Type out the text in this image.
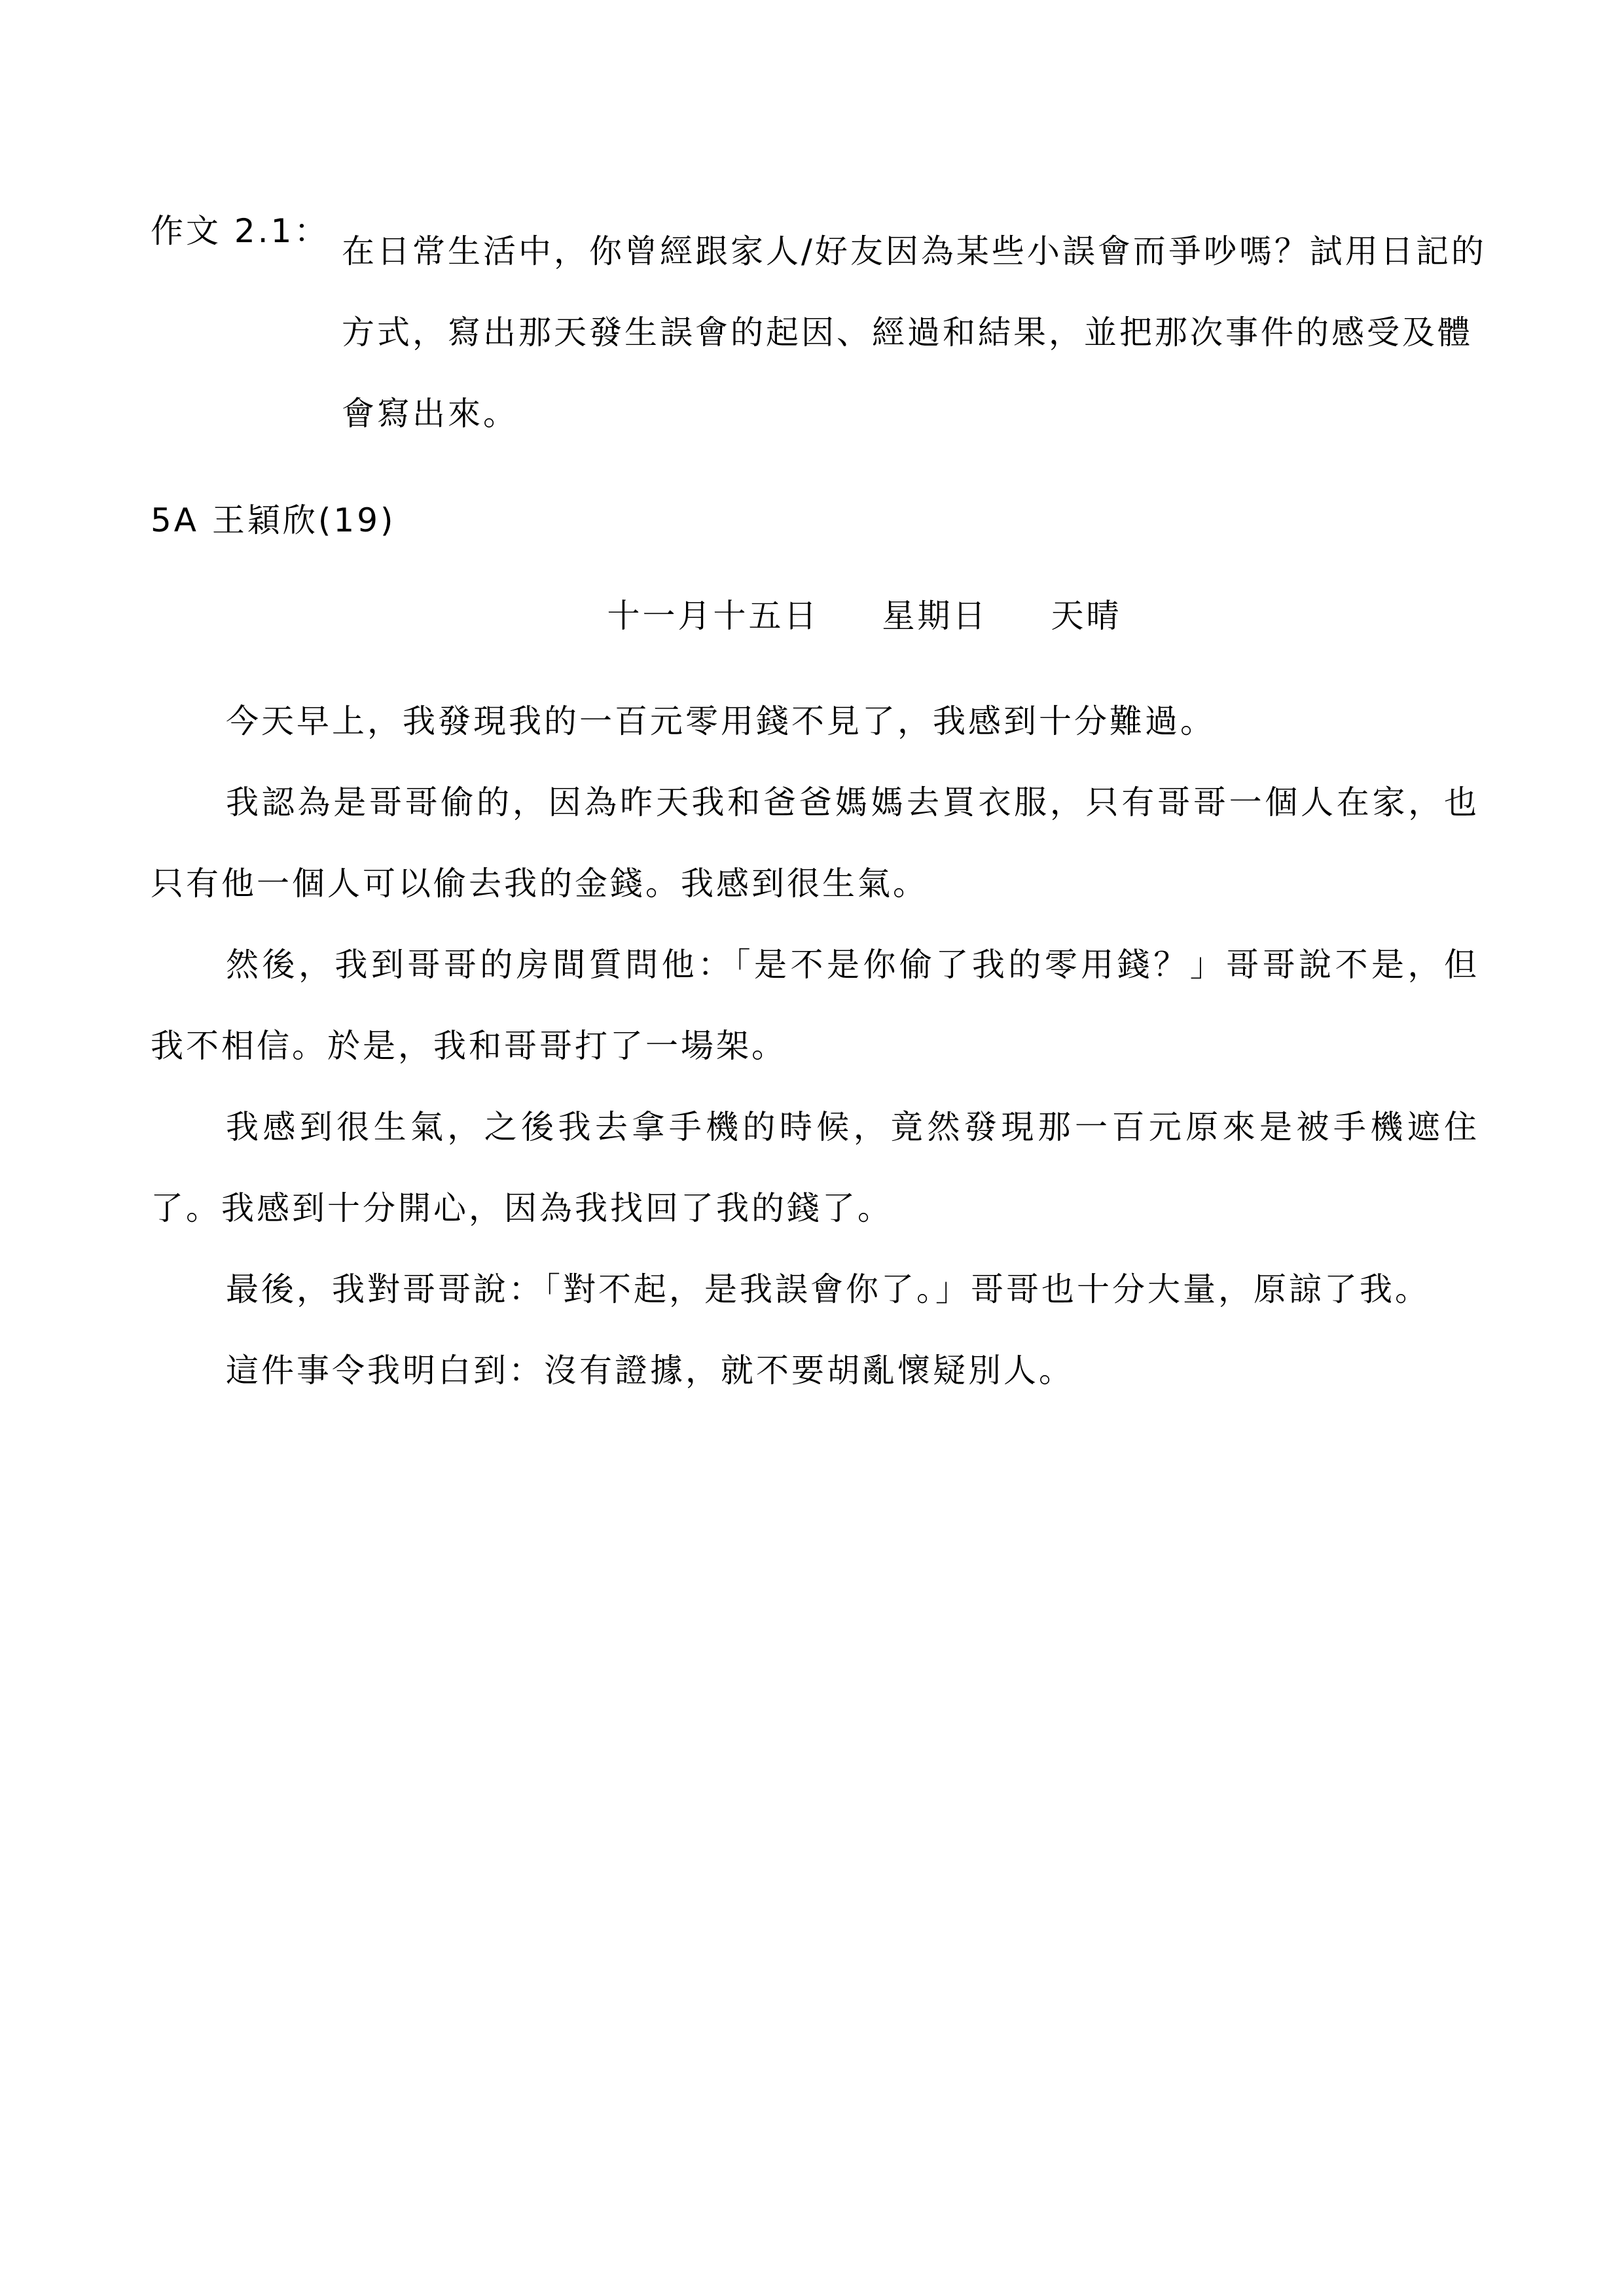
作文 2.1：
在日常生活中，你曾經跟家人/好友因為某些小誤會而爭吵嗎？試用日記的方式，寫出那天發生誤會的起因、經過和結果，並把那次事件的感受及體會寫出來。
5A 王穎欣(19)
十一月十五日 星期日 天晴

今天早上，我發現我的一百元零用錢不見了，我感到十分難過。

我認為是哥哥偷的，因為昨天我和爸爸媽媽去買衣服，只有哥哥一個人在家，也只有他一個人可以偷去我的金錢。我感到很生氣。

然後，我到哥哥的房間質問他：「是不是你偷了我的零用錢？」哥哥說不是，但我不相信。於是，我和哥哥打了一場架。

我感到很生氣，之後我去拿手機的時候，竟然發現那一百元原來是被手機遮住了。我感到十分開心，因為我找回了我的錢了。

最後，我對哥哥說：「對不起，是我誤會你了。」哥哥也十分大量，原諒了我。

這件事令我明白到：沒有證據，就不要胡亂懷疑別人。
